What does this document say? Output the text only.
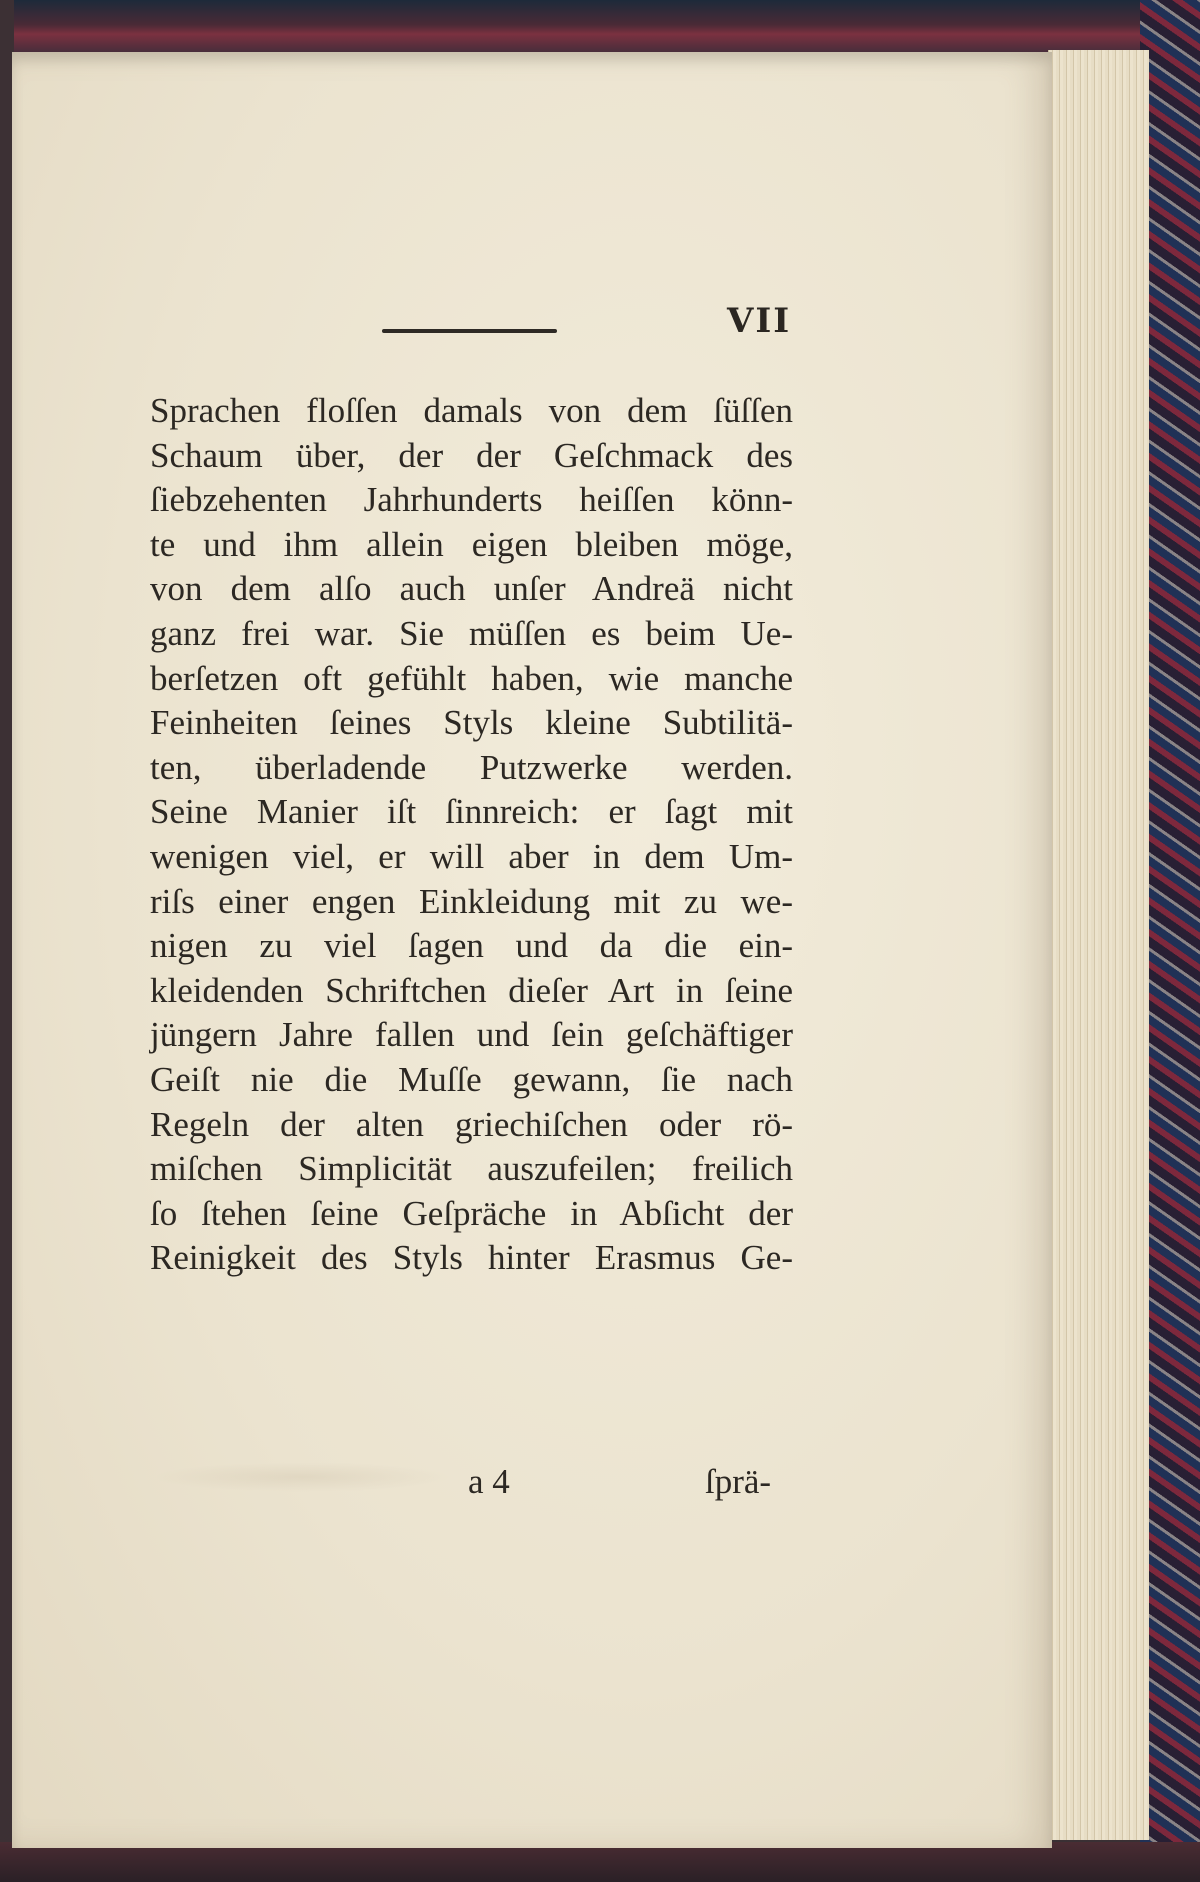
VII
Sprachen floſſen damals von dem ſüſſen
Schaum über, der der Geſchmack des
ſiebzehenten Jahrhunderts heiſſen könn-
te und ihm allein eigen bleiben möge,
von dem alſo auch unſer Andreä nicht
ganz frei war. Sie müſſen es beim Ue-
berſetzen oft gefühlt haben, wie manche
Feinheiten ſeines Styls kleine Subtilitä-
ten, überladende Putzwerke werden.
Seine Manier iſt ſinnreich: er ſagt mit
wenigen viel, er will aber in dem Um-
riſs einer engen Einkleidung mit zu we-
nigen zu viel ſagen und da die ein-
kleidenden Schriftchen dieſer Art in ſeine
jüngern Jahre fallen und ſein geſchäftiger
Geiſt nie die Muſſe gewann, ſie nach
Regeln der alten griechiſchen oder rö-
miſchen Simplicität auszufeilen; freilich
ſo ſtehen ſeine Geſpräche in Abſicht der
Reinigkeit des Styls hinter Erasmus Ge-
a 4	ſprä-
